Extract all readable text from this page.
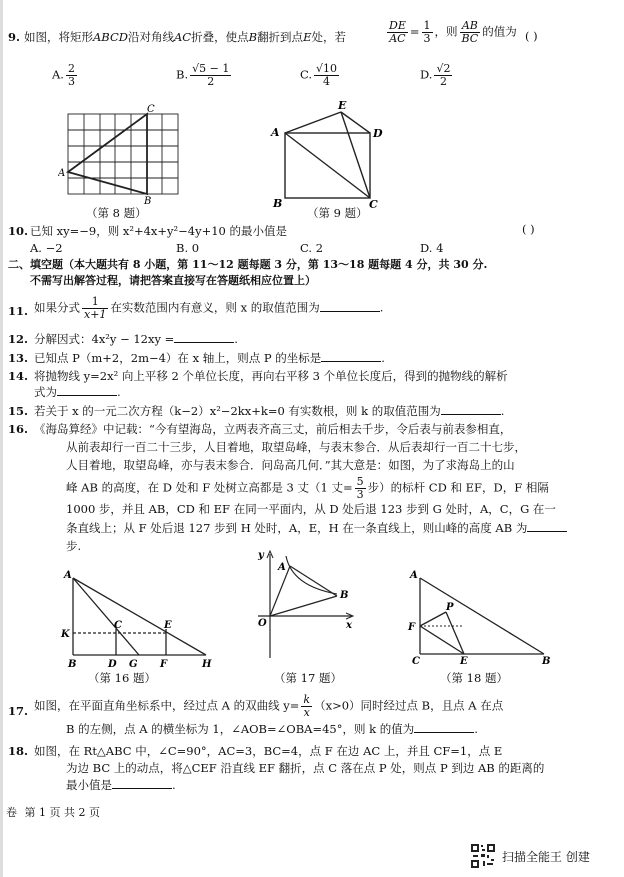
9. 如图，将矩形ABCD沿对角线AC折叠，使点B翻折到点E处，若	$\frac{DE}{AC} = \frac{1}{3}$ ，则 $\frac{AB}{BC}$ 的值为 ( )
A. $\frac{2}{3}$	B. $\frac{√5 - 1}{2}$	C. $\frac{√10}{4}$	D. $\frac{√2}{2}$
C
A
B
（第 8 题）
E
A	D
B	C
（第 9 题）
10. 已知 xy=−9，则 x²+4x+y²−4y+10 的最小值是	( )
A. −2	B. 0	C. 2	D. 4
二、填空题（本大题共有 8 小题，第 11～12 题每题 3 分，第 13～18 题每题 4 分，共 30 分.
不需写出解答过程，请把答案直接写在答题纸相应位置上）
11. 如果分式 $\frac{1}{x+1}$ 在实数范围内有意义，则 x 的取值范围为	.
12. 分解因式：4x²y − 12xy =	.
13. 已知点 P（m+2，2m−4）在 x 轴上，则点 P 的坐标是	.
14. 将抛物线 y=2x² 向上平移 2 个单位长度，再向右平移 3 个单位长度后，得到的抛物线的解析
式为	.
15. 若关于 x 的一元二次方程（k−2）x²−2kx+k=0 有实数根，则 k 的取值范围为	.
16. 《海岛算经》中记载：“今有望海岛，立两表齐高三丈，前后相去千步，令后表与前表参相直，
从前表却行一百二十三步，人目着地，取望岛峰，与表末参合．从后表却行一百二十七步，
人目着地，取望岛峰，亦与表末参合．问岛高几何．”其大意是：如图，为了求海岛上的山
峰 AB 的高度，在 D 处和 F 处树立高都是 3 丈（1 丈= $\frac{5}{3}$ 步）的标杆 CD 和 EF，D，F 相隔
1000 步，并且 AB，CD 和 EF 在同一平面内，从 D 处后退 123 步到 G 处时，A，C，G 在一
条直线上；从 F 处后退 127 步到 H 处时，A，E，H 在一条直线上，则山峰的高度 AB 为
步.
A
K
C	E
B	D G F	H
（第 16 题）
y
A
B
O	x
（第 17 题）
A
P
F
C	E	B
（第 18 题）
17. 如图，在平面直角坐标系中，经过点 A 的双曲线 $y= \frac{k}{x} (x>0)$同时经过点 B，且点 A 在点
B 的左侧，点 A 的横坐标为 1，∠AOB=∠OBA=45°，则 k 的值为	.
18. 如图，在 Rt△ABC 中，∠C=90°，AC=3，BC=4，点 F 在边 AC 上，并且 CF=1，点 E
为边 BC 上的动点，将△CEF 沿直线 EF 翻折，点 C 落在点 P 处，则点 P 到边 AB 的距离的
最小值是	.
卷 第 1 页 共 2 页
扫描全能王 创建
